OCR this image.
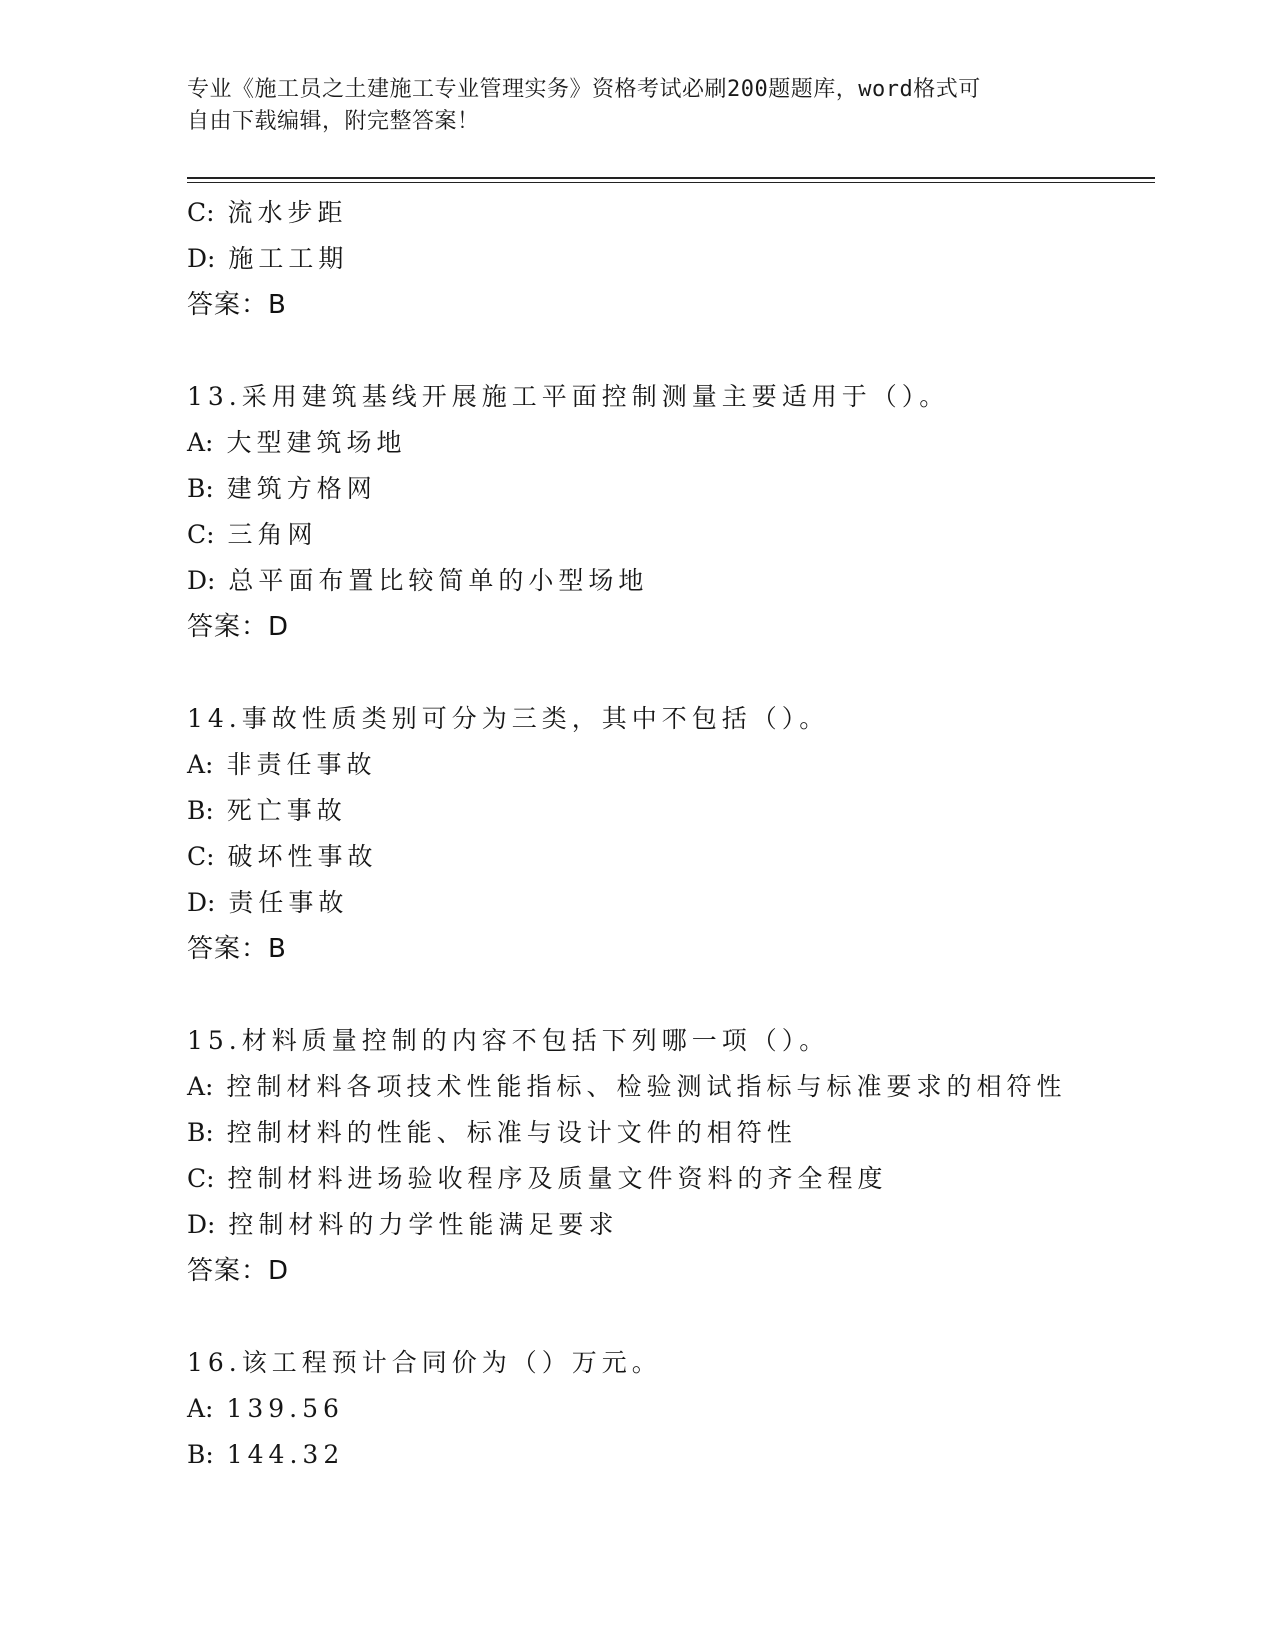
专业《施工员之土建施工专业管理实务》资格考试必刷200题题库，word格式可
自由下载编辑，附完整答案！
C: 流水步距
D: 施工工期
答案：B
13.采用建筑基线开展施工平面控制测量主要适用于（）。
A: 大型建筑场地
B: 建筑方格网
C: 三角网
D: 总平面布置比较简单的小型场地
答案：D
14.事故性质类别可分为三类，其中不包括（）。
A: 非责任事故
B: 死亡事故
C: 破坏性事故
D: 责任事故
答案：B
15.材料质量控制的内容不包括下列哪一项（）。
A: 控制材料各项技术性能指标、检验测试指标与标准要求的相符性
B: 控制材料的性能、标准与设计文件的相符性
C: 控制材料进场验收程序及质量文件资料的齐全程度
D: 控制材料的力学性能满足要求
答案：D
16.该工程预计合同价为（）万元。
A: 139.56
B: 144.32
